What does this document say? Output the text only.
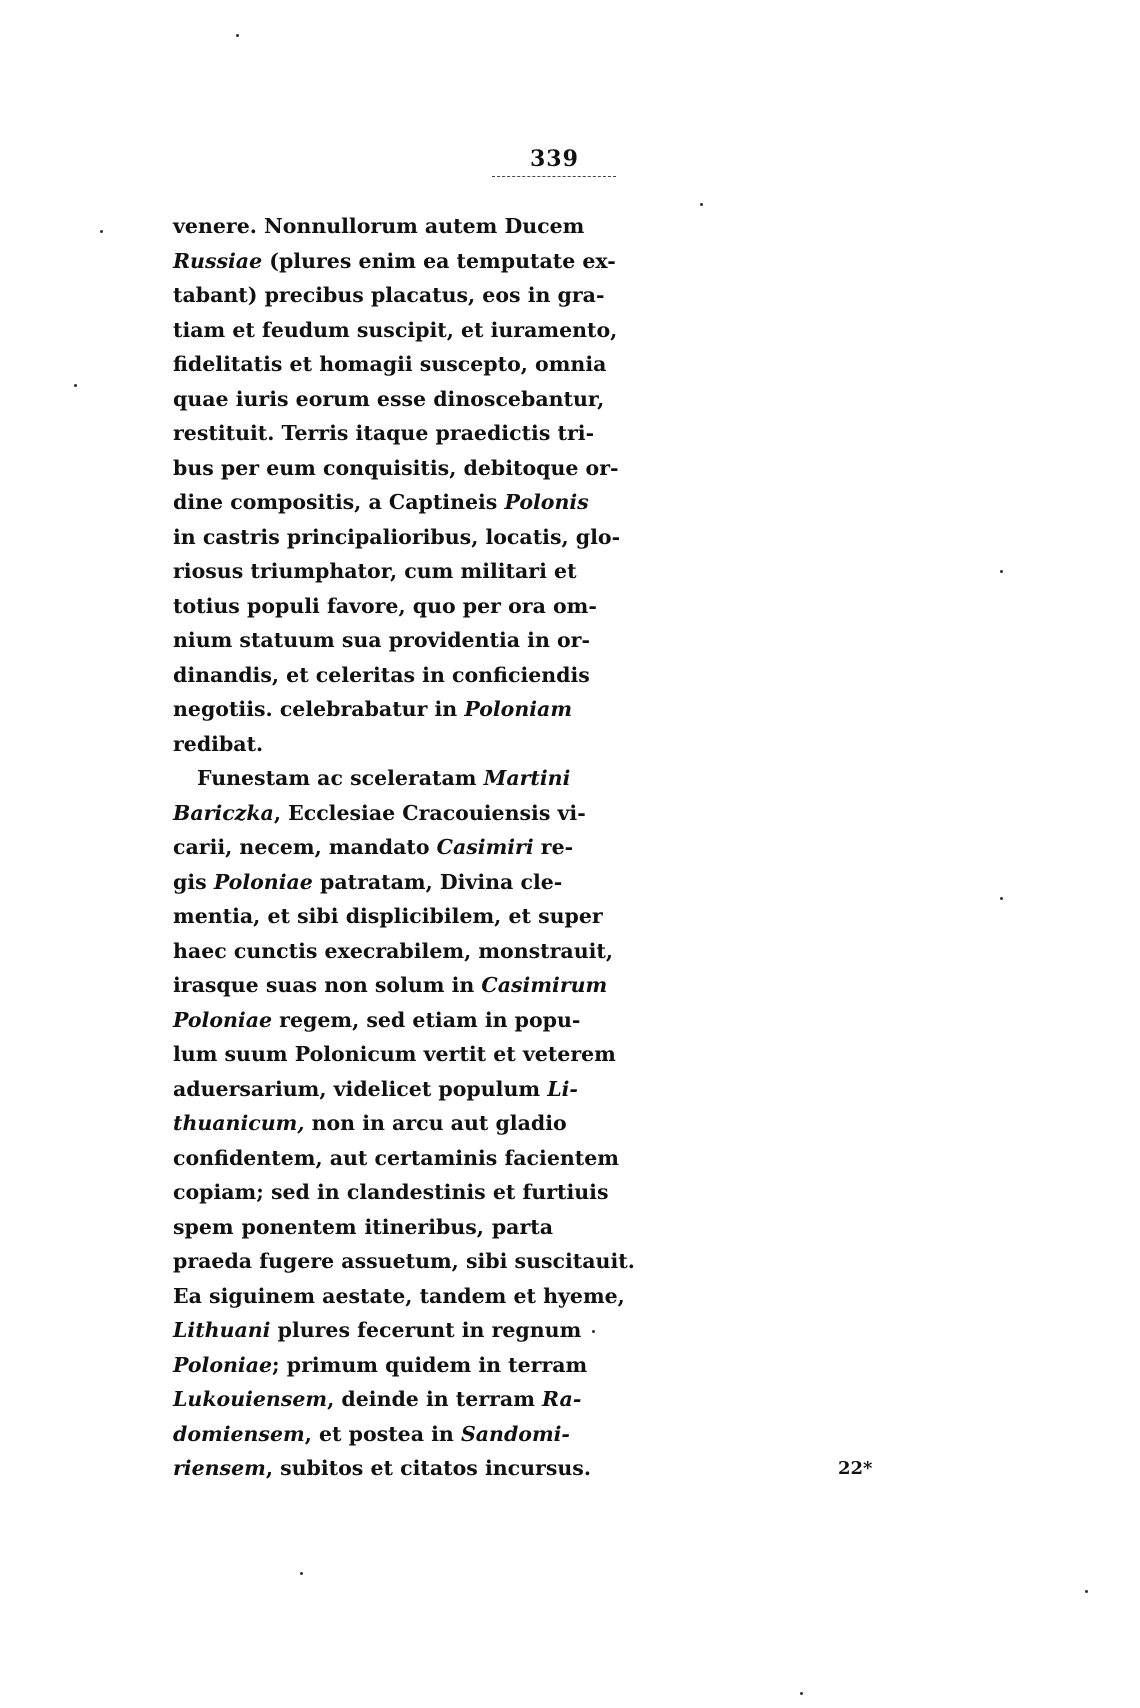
339
venere. Nonnullorum autem Ducem
Russiae (plures enim ea temputate ex-
tabant) precibus placatus, eos in gra-
tiam et feudum suscipit, et iuramento,
fidelitatis et homagii suscepto, omnia
quae iuris eorum esse dinoscebantur,
restituit. Terris itaque praedictis tri-
bus per eum conquisitis, debitoque or-
dine compositis, a Captineis Polonis
in castris principalioribus, locatis, glo-
riosus triumphator, cum militari et
totius populi favore, quo per ora om-
nium statuum sua providentia in or-
dinandis, et celeritas in conficiendis
negotiis. celebrabatur in Poloniam
redibat.
Funestam ac sceleratam Martini
Bariczka, Ecclesiae Cracouiensis vi-
carii, necem, mandato Casimiri re-
gis Poloniae patratam, Divina cle-
mentia, et sibi displicibilem, et super
haec cunctis execrabilem, monstrauit,
irasque suas non solum in Casimirum
Poloniae regem, sed etiam in popu-
lum suum Polonicum vertit et veterem
aduersarium, videlicet populum Li-
thuanicum, non in arcu aut gladio
confidentem, aut certaminis facientem
copiam; sed in clandestinis et furtiuis
spem ponentem itineribus, parta
praeda fugere assuetum, sibi suscitauit.
Ea siguinem aestate, tandem et hyeme,
Lithuani plures fecerunt in regnum
Poloniae; primum quidem in terram
Lukouiensem, deinde in terram Ra-
domiensem, et postea in Sandomi-
riensem, subitos et citatos incursus.	22*
